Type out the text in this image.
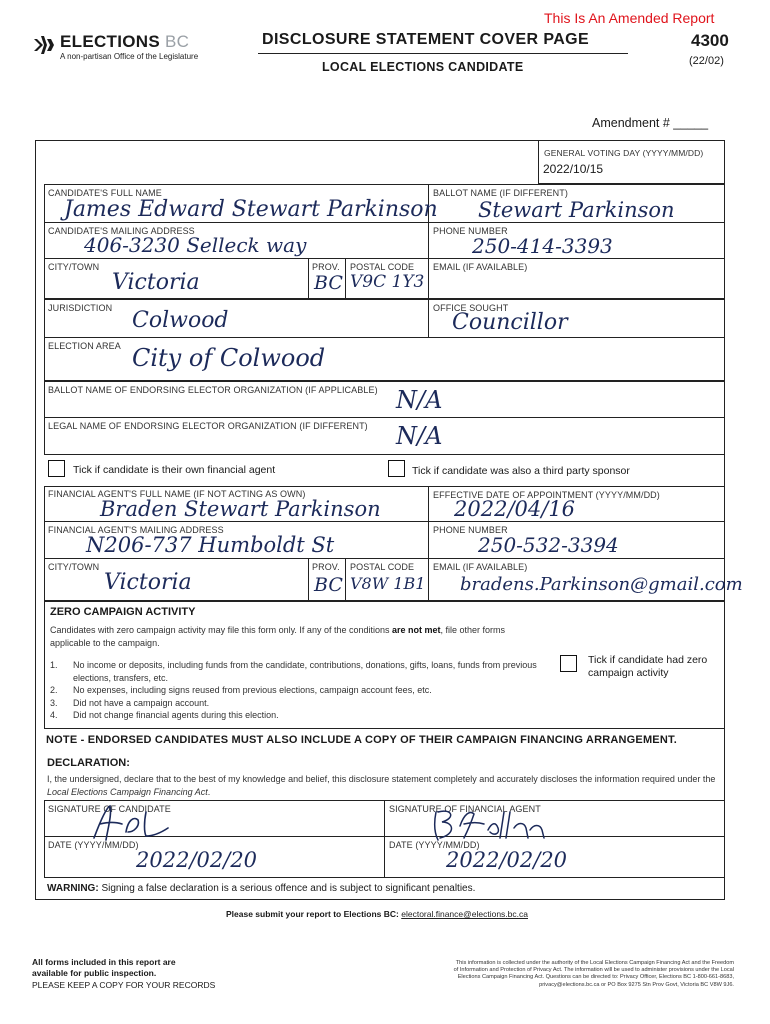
This Is An Amended Report
ELECTIONS BC
A non-partisan Office of the Legislature
DISCLOSURE STATEMENT COVER PAGE
LOCAL ELECTIONS CANDIDATE
4300
(22/02)
Amendment # _____
GENERAL VOTING DAY (YYYY/MM/DD)
2022/10/15
CANDIDATE'S FULL NAME
James Edward Stewart Parkinson
BALLOT NAME (IF DIFFERENT)
Stewart Parkinson
CANDIDATE'S MAILING ADDRESS
406-3230 Selleck way
PHONE NUMBER
250-414-3393
CITY/TOWN
Victoria
PROV.
BC
POSTAL CODE
V9C 1Y3
EMAIL (IF AVAILABLE)
JURISDICTION Colwood	OFFICE SOUGHT
Councillor
ELECTION AREA City of Colwood
BALLOT NAME OF ENDORSING ELECTOR ORGANIZATION (IF APPLICABLE) N/A
LEGAL NAME OF ENDORSING ELECTOR ORGANIZATION (IF DIFFERENT) N/A
Tick if candidate is their own financial agent	Tick if candidate was also a third party sponsor
FINANCIAL AGENT'S FULL NAME (IF NOT ACTING AS OWN)
Braden Stewart Parkinson
EFFECTIVE DATE OF APPOINTMENT (YYYY/MM/DD)
2022/04/16
FINANCIAL AGENT'S MAILING ADDRESS
N206-737 Humboldt St
PHONE NUMBER
250-532-3394
CITY/TOWN
Victoria
PROV.
BC
POSTAL CODE
V8W 1B1
EMAIL (IF AVAILABLE)
bradens.Parkinson@gmail.com
ZERO CAMPAIGN ACTIVITY
Candidates with zero campaign activity may file this form only. If any of the conditions are not met, file other forms applicable to the campaign.
1.	No income or deposits, including funds from the candidate, contributions, donations, gifts, loans, funds from previous elections, transfers, etc.
2.	No expenses, including signs reused from previous elections, campaign account fees, etc.
3.	Did not have a campaign account.
4.	Did not change financial agents during this election.
Tick if candidate had zero campaign activity
NOTE - ENDORSED CANDIDATES MUST ALSO INCLUDE A COPY OF THEIR CAMPAIGN FINANCING ARRANGEMENT.
DECLARATION:
I, the undersigned, declare that to the best of my knowledge and belief, this disclosure statement completely and accurately discloses the information required under the Local Elections Campaign Financing Act.
SIGNATURE OF CANDIDATE	SIGNATURE OF FINANCIAL AGENT
DATE (YYYY/MM/DD)
2022/02/20
DATE (YYYY/MM/DD)
2022/02/20
WARNING: Signing a false declaration is a serious offence and is subject to significant penalties.
Please submit your report to Elections BC: electoral.finance@elections.bc.ca
All forms included in this report are
available for public inspection.
PLEASE KEEP A COPY FOR YOUR RECORDS
This information is collected under the authority of the Local Elections Campaign Financing Act and the Freedom
of Information and Protection of Privacy Act. The information will be used to administer provisions under the Local
Elections Campaign Financing Act. Questions can be directed to: Privacy Officer, Elections BC 1-800-661-8683,
privacy@elections.bc.ca or PO Box 9275 Stn Prov Govt, Victoria BC V8W 9J6.
